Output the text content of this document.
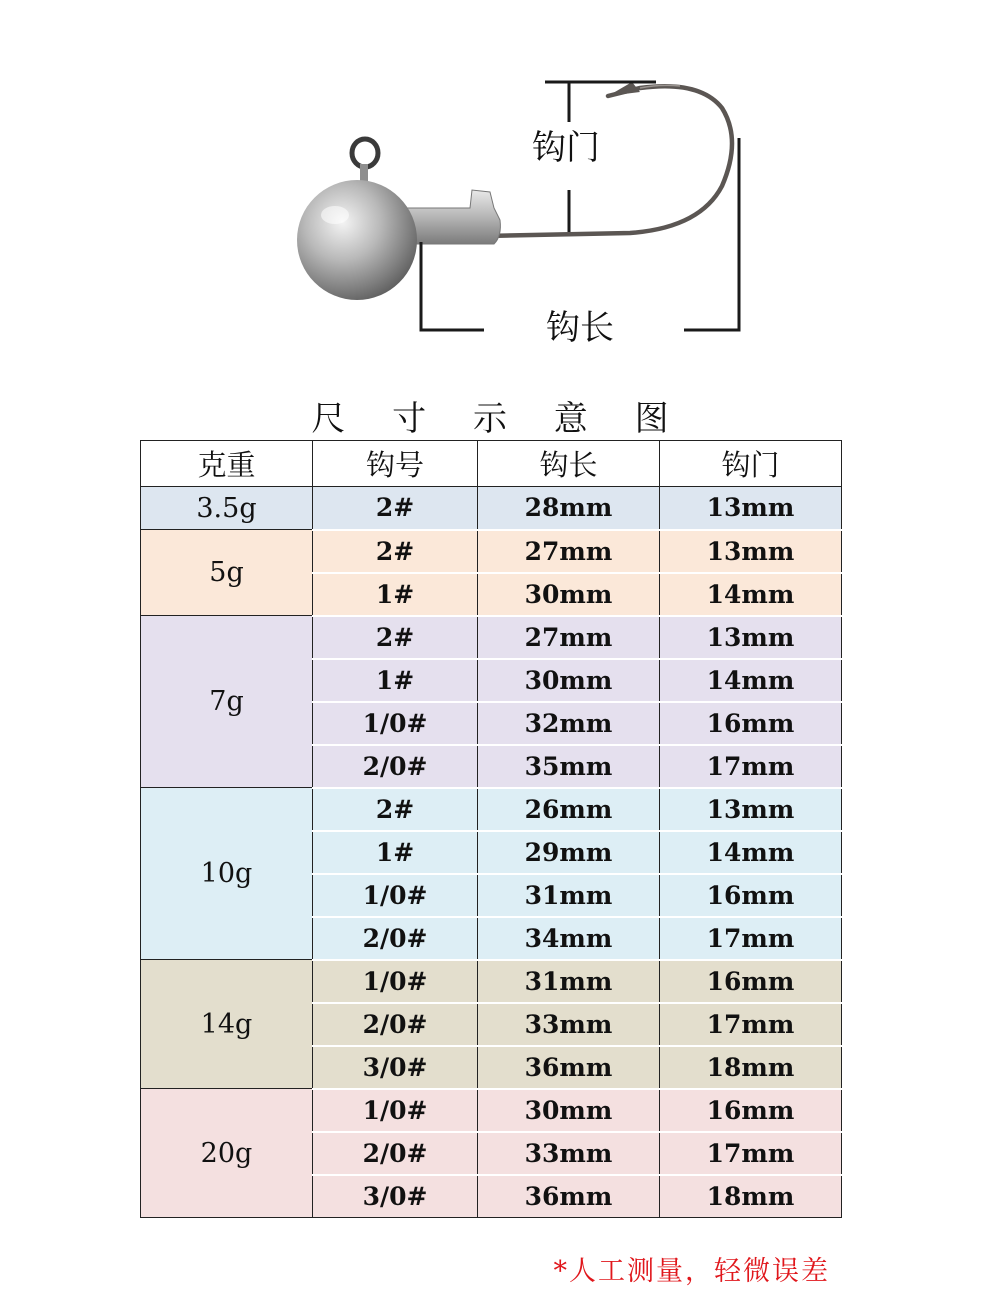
钩门
钩长
尺 寸 示 意 图
克重	钩号	钩长	钩门
3.5g	2#	28mm	13mm
5g	2#	27mm	13mm
	1#	30mm	14mm
7g	2#	27mm	13mm
	1#	30mm	14mm
	1/0#	32mm	16mm
	2/0#	35mm	17mm
10g	2#	26mm	13mm
	1#	29mm	14mm
	1/0#	31mm	16mm
	2/0#	34mm	17mm
14g	1/0#	31mm	16mm
	2/0#	33mm	17mm
	3/0#	36mm	18mm
20g	1/0#	30mm	16mm
	2/0#	33mm	17mm
	3/0#	36mm	18mm
*人工测量，轻微误差
